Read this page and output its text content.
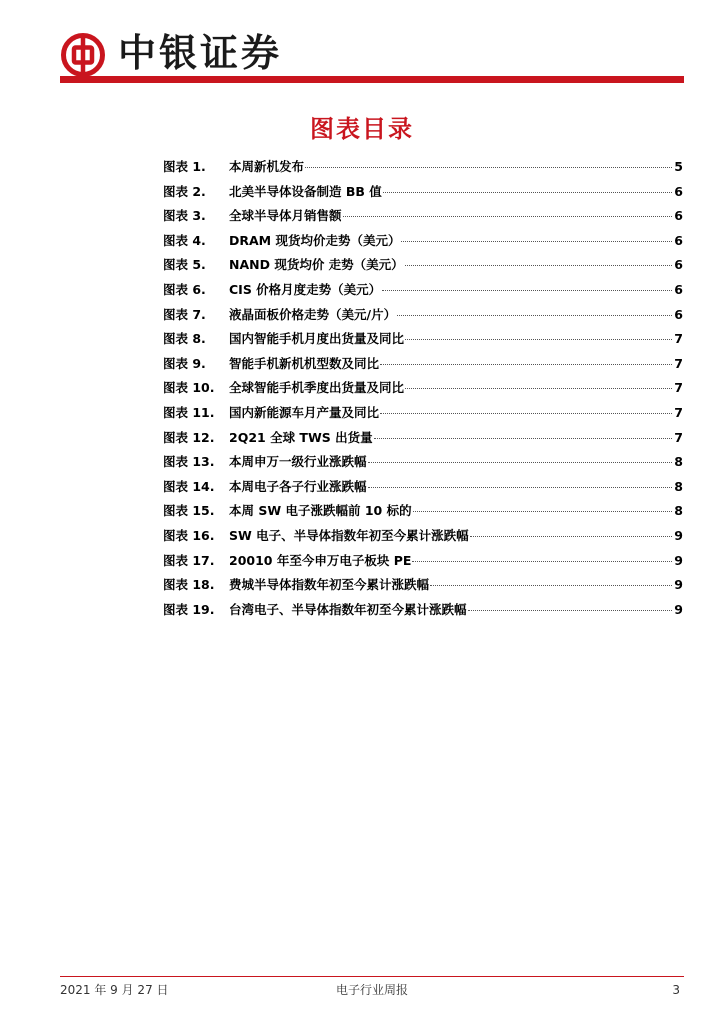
中银证券
图表目录
图表 1.	本周新机发布	5
图表 2.	北美半导体设备制造 BB 值	6
图表 3.	全球半导体月销售额	6
图表 4.	DRAM 现货均价走势（美元）	6
图表 5.	NAND 现货均价 走势（美元）	6
图表 6.	CIS 价格月度走势（美元）	6
图表 7.	液晶面板价格走势（美元/片）	6
图表 8.	国内智能手机月度出货量及同比	7
图表 9.	智能手机新机机型数及同比	7
图表 10.	全球智能手机季度出货量及同比	7
图表 11.	国内新能源车月产量及同比	7
图表 12.	2Q21 全球 TWS 出货量	7
图表 13.	本周申万一级行业涨跌幅	8
图表 14.	本周电子各子行业涨跌幅	8
图表 15.	本周 SW 电子涨跌幅前 10 标的	8
图表 16.	SW 电子、半导体指数年初至今累计涨跌幅	9
图表 17.	20010 年至今申万电子板块 PE	9
图表 18.	费城半导体指数年初至今累计涨跌幅	9
图表 19.	台湾电子、半导体指数年初至今累计涨跌幅	9
2021 年 9 月 27 日	电子行业周报	3
